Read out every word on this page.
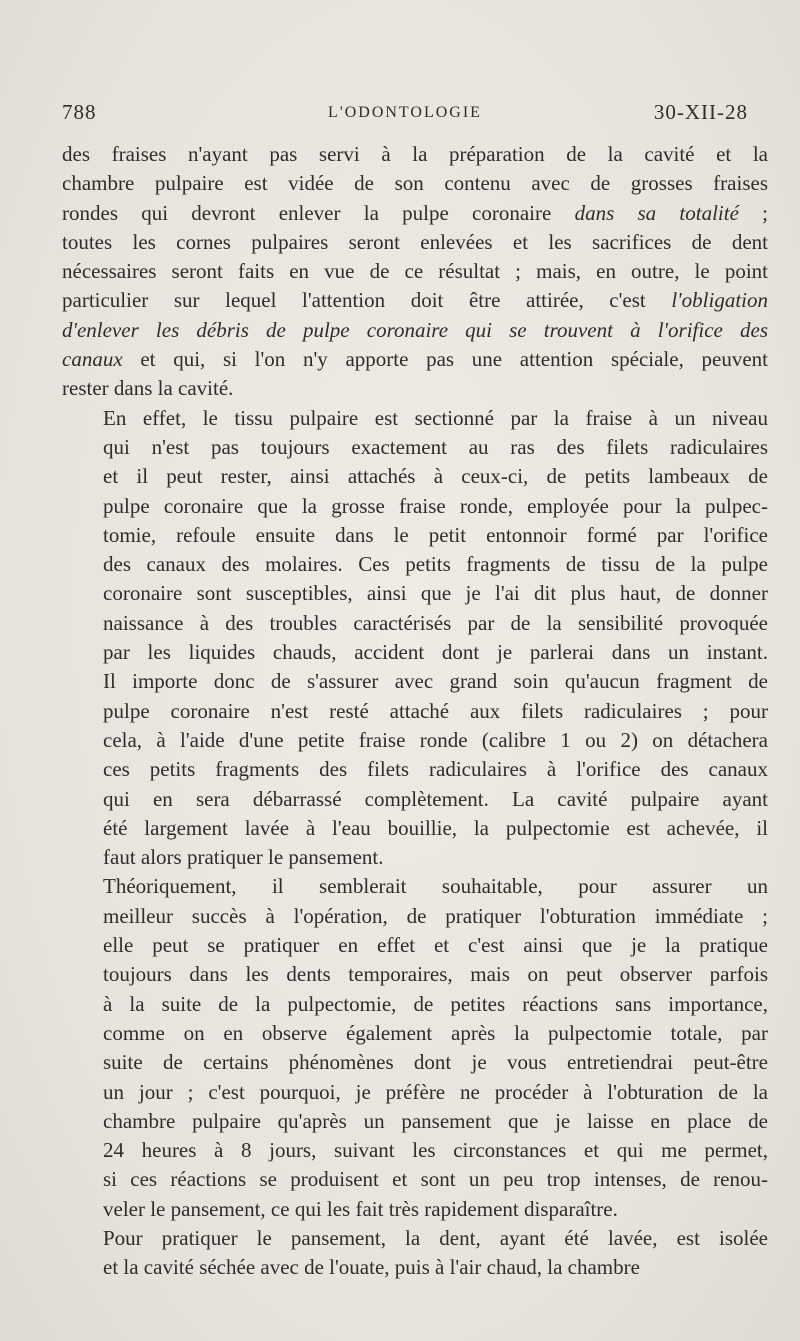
788	L'ODONTOLOGIE	30-XII-28

des fraises n'ayant pas servi à la préparation de la cavité et la
chambre pulpaire est vidée de son contenu avec de grosses fraises
rondes qui devront enlever la pulpe coronaire dans sa totalité ;
toutes les cornes pulpaires seront enlevées et les sacrifices de dent
nécessaires seront faits en vue de ce résultat ; mais, en outre, le point
particulier sur lequel l'attention doit être attirée, c'est l'obligation
d'enlever les débris de pulpe coronaire qui se trouvent à l'orifice des
canaux et qui, si l'on n'y apporte pas une attention spéciale, peuvent
rester dans la cavité.

En effet, le tissu pulpaire est sectionné par la fraise à un niveau
qui n'est pas toujours exactement au ras des filets radiculaires
et il peut rester, ainsi attachés à ceux-ci, de petits lambeaux de
pulpe coronaire que la grosse fraise ronde, employée pour la pulpec-
tomie, refoule ensuite dans le petit entonnoir formé par l'orifice
des canaux des molaires. Ces petits fragments de tissu de la pulpe
coronaire sont susceptibles, ainsi que je l'ai dit plus haut, de donner
naissance à des troubles caractérisés par de la sensibilité provoquée
par les liquides chauds, accident dont je parlerai dans un instant.
Il importe donc de s'assurer avec grand soin qu'aucun fragment de
pulpe coronaire n'est resté attaché aux filets radiculaires ; pour
cela, à l'aide d'une petite fraise ronde (calibre 1 ou 2) on détachera
ces petits fragments des filets radiculaires à l'orifice des canaux
qui en sera débarrassé complètement. La cavité pulpaire ayant
été largement lavée à l'eau bouillie, la pulpectomie est achevée, il
faut alors pratiquer le pansement.

Théoriquement, il semblerait souhaitable, pour assurer un
meilleur succès à l'opération, de pratiquer l'obturation immédiate ;
elle peut se pratiquer en effet et c'est ainsi que je la pratique
toujours dans les dents temporaires, mais on peut observer parfois
à la suite de la pulpectomie, de petites réactions sans importance,
comme on en observe également après la pulpectomie totale, par
suite de certains phénomènes dont je vous entretiendrai peut-être
un jour ; c'est pourquoi, je préfère ne procéder à l'obturation de la
chambre pulpaire qu'après un pansement que je laisse en place de
24 heures à 8 jours, suivant les circonstances et qui me permet,
si ces réactions se produisent et sont un peu trop intenses, de renou-
veler le pansement, ce qui les fait très rapidement disparaître.

Pour pratiquer le pansement, la dent, ayant été lavée, est isolée
et la cavité séchée avec de l'ouate, puis à l'air chaud, la chambre
